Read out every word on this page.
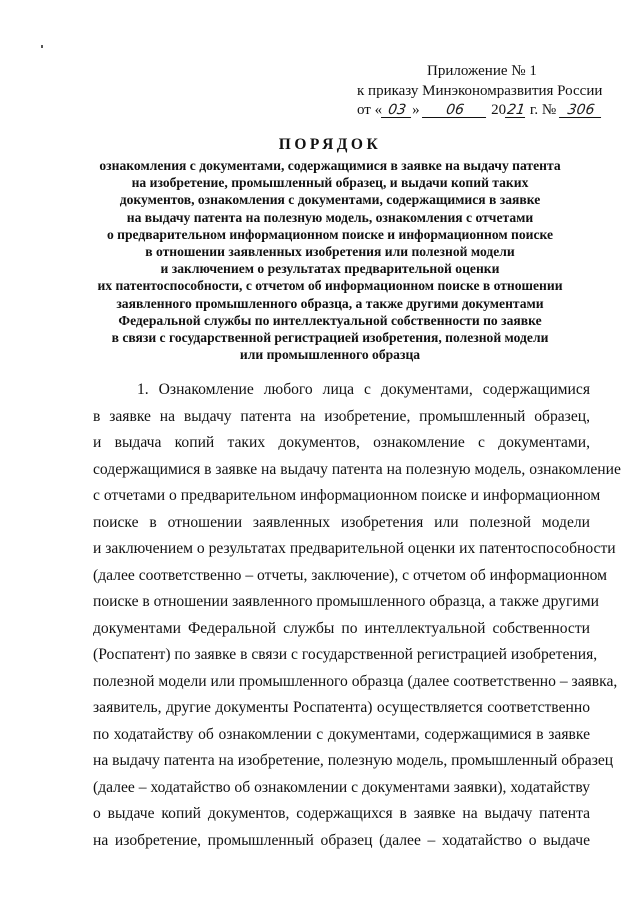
Приложение № 1
к приказу Минэкономразвития России
от « 03 » 06 2021 г. № 306
ПОРЯДОК
ознакомления с документами, содержащимися в заявке на выдачу патента
на изобретение, промышленный образец, и выдачи копий таких
документов, ознакомления с документами, содержащимися в заявке
на выдачу патента на полезную модель, ознакомления с отчетами
о предварительном информационном поиске и информационном поиске
в отношении заявленных изобретения или полезной модели
и заключением о результатах предварительной оценки
их патентоспособности, с отчетом об информационном поиске в отношении
заявленного промышленного образца, а также другими документами
Федеральной службы по интеллектуальной собственности по заявке
в связи с государственной регистрацией изобретения, полезной модели
или промышленного образца
1. Ознакомление любого лица с документами, содержащимися
в заявке на выдачу патента на изобретение, промышленный образец,
и выдача копий таких документов, ознакомление с документами,
содержащимися в заявке на выдачу патента на полезную модель, ознакомление
с отчетами о предварительном информационном поиске и информационном
поиске в отношении заявленных изобретения или полезной модели
и заключением о результатах предварительной оценки их патентоспособности
(далее соответственно – отчеты, заключение), с отчетом об информационном
поиске в отношении заявленного промышленного образца, а также другими
документами Федеральной службы по интеллектуальной собственности
(Роспатент) по заявке в связи с государственной регистрацией изобретения,
полезной модели или промышленного образца (далее соответственно – заявка,
заявитель, другие документы Роспатента) осуществляется соответственно
по ходатайству об ознакомлении с документами, содержащимися в заявке
на выдачу патента на изобретение, полезную модель, промышленный образец
(далее – ходатайство об ознакомлении с документами заявки), ходатайству
о выдаче копий документов, содержащихся в заявке на выдачу патента
на изобретение, промышленный образец (далее – ходатайство о выдаче
